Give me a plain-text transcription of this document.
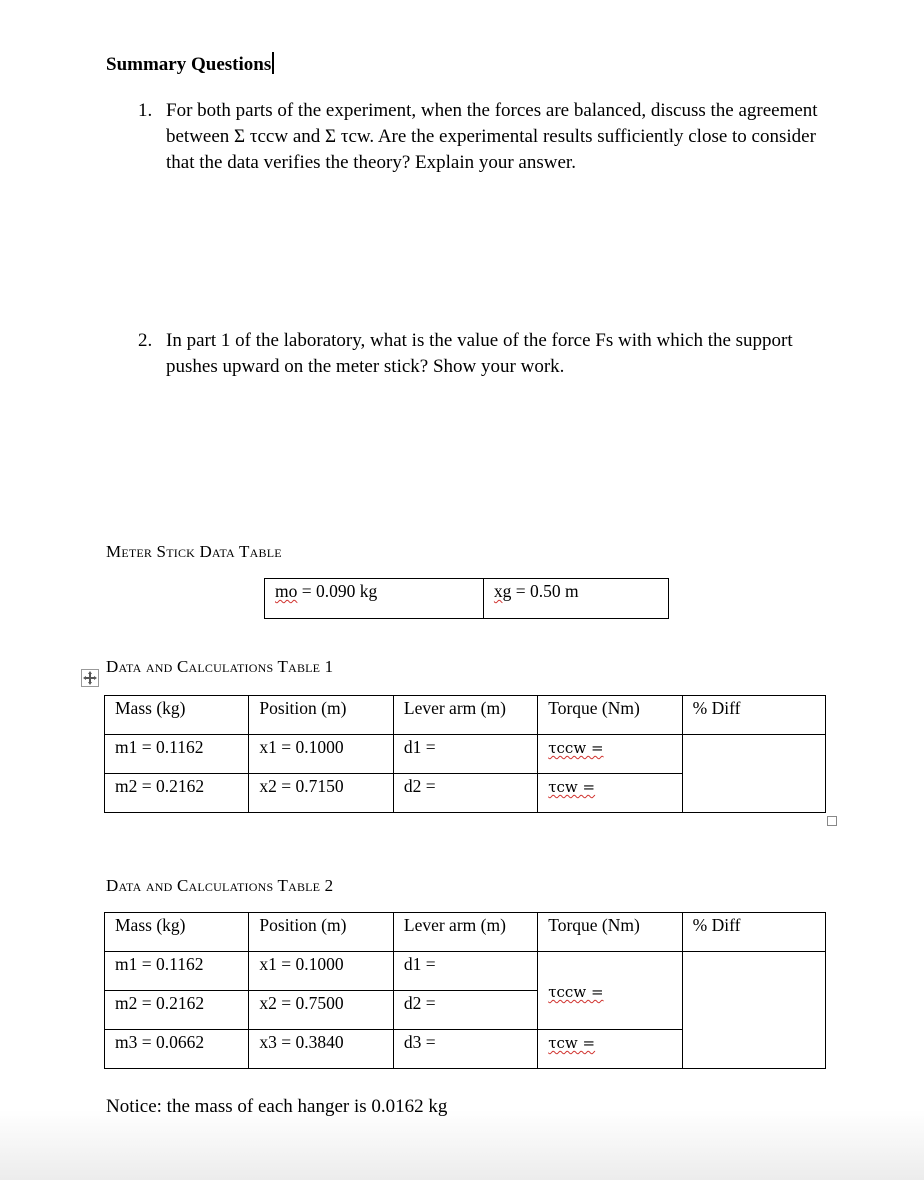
Summary Questions
1. For both parts of the experiment, when the forces are balanced, discuss the agreement between Σ τccw and Σ τcw. Are the experimental results sufficiently close to consider that the data verifies the theory? Explain your answer.
2. In part 1 of the laboratory, what is the value of the force Fs with which the support pushes upward on the meter stick? Show your work.
Meter Stick Data Table
mo = 0.090 kg	xg = 0.50 m
Data and Calculations Table 1
Mass (kg)	Position (m)	Lever arm (m)	Torque (Nm)	% Diff
m1 = 0.1162	x1 = 0.1000	d1 =	τccw =	
m2 = 0.2162	x2 = 0.7150	d2 =	τcw =	
Data and Calculations Table 2
Mass (kg)	Position (m)	Lever arm (m)	Torque (Nm)	% Diff
m1 = 0.1162	x1 = 0.1000	d1 =	τccw =	
m2 = 0.2162	x2 = 0.7500	d2 =		
m3 = 0.0662	x3 = 0.3840	d3 =	τcw =	
Notice: the mass of each hanger is 0.0162 kg
